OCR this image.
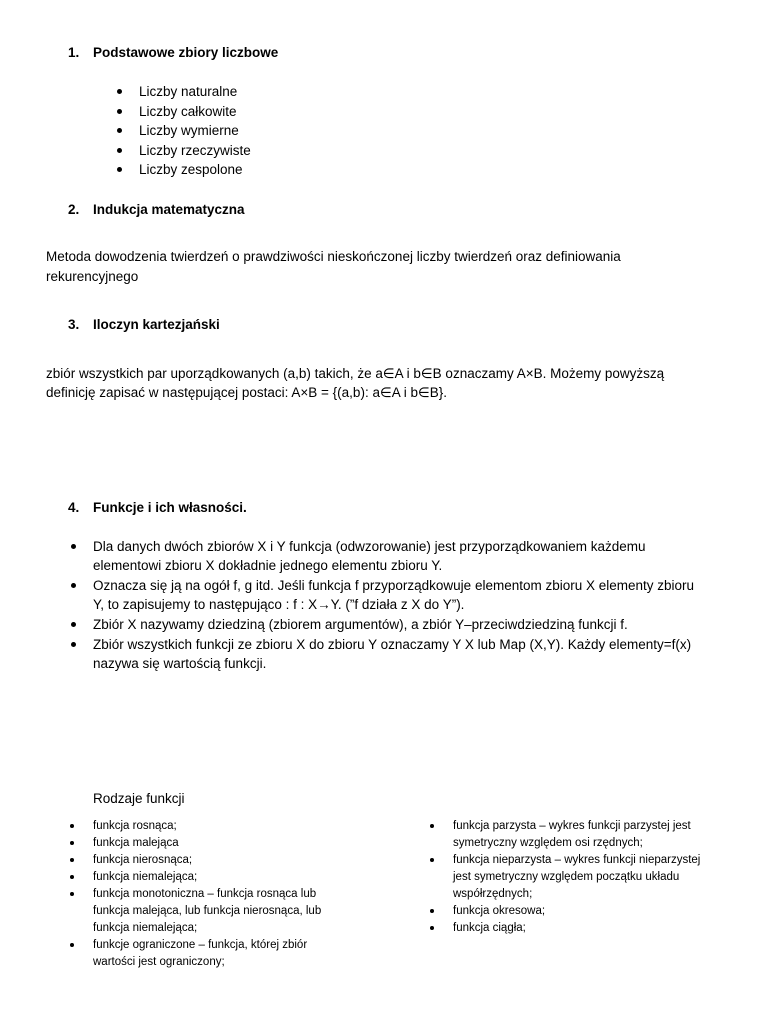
1. Podstawowe zbiory liczbowe
Liczby naturalne
Liczby całkowite
Liczby wymierne
Liczby rzeczywiste
Liczby zespolone
2. Indukcja matematyczna
Metoda dowodzenia twierdzeń o prawdziwości nieskończonej liczby twierdzeń oraz definiowania
rekurencyjnego
3. Iloczyn kartezjański
zbiór wszystkich par uporządkowanych (a,b) takich, że a∈A i b∈B oznaczamy A×B. Możemy powyższą
definicję zapisać w następującej postaci: A×B = {(a,b): a∈A i b∈B}.
4. Funkcje i ich własności.
Dla danych dwóch zbiorów X i Y funkcja (odwzorowanie) jest przyporządkowaniem każdemu
elementowi zbioru X dokładnie jednego elementu zbioru Y.
Oznacza się ją na ogół f, g itd. Jeśli funkcja f przyporządkowuje elementom zbioru X elementy zbioru
Y, to zapisujemy to następująco : f : X→Y. (”f działa z X do Y”).
Zbiór X nazywamy dziedziną (zbiorem argumentów), a zbiór Y–przeciwdziedziną funkcji f.
Zbiór wszystkich funkcji ze zbioru X do zbioru Y oznaczamy Y X lub Map (X,Y). Każdy elementy=f(x)
nazywa się wartością funkcji.
Rodzaje funkcji
funkcja rosnąca;
funkcja malejąca
funkcja nierosnąca;
funkcja niemalejąca;
funkcja monotoniczna – funkcja rosnąca lub
funkcja malejąca, lub funkcja nierosnąca, lub
funkcja niemalejąca;
funkcje ograniczone – funkcja, której zbiór
wartości jest ograniczony;
funkcja parzysta – wykres funkcji parzystej jest
symetryczny względem osi rzędnych;
funkcja nieparzysta – wykres funkcji nieparzystej
jest symetryczny względem początku układu
współrzędnych;
funkcja okresowa;
funkcja ciągła;
